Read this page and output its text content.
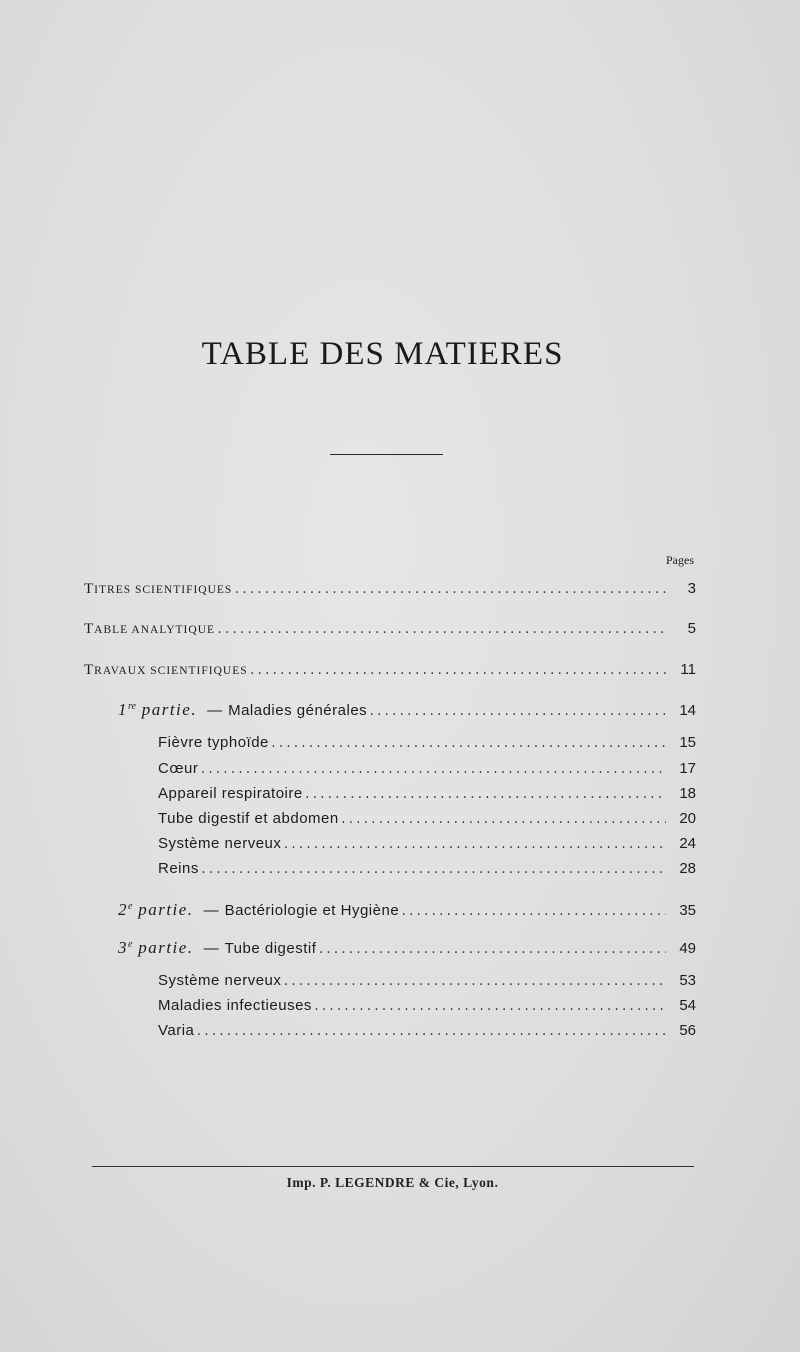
TABLE DES MATIERES
Pages
TITRES SCIENTIFIQUES .....	3
TABLE ANALYTIQUE .....	5
TRAVAUX SCIENTIFIQUES .....	11
1re partie. — Maladies générales .....	14
Fièvre typhoïde .....	15
Cœur .....	17
Appareil respiratoire .....	18
Tube digestif et abdomen .....	20
Système nerveux .....	24
Reins .....	28
2e partie. — Bactériologie et Hygiène .....	35
3e partie. — Tube digestif .....	49
Système nerveux .....	53
Maladies infectieuses .....	54
Varia .....	56
Imp. P. LEGENDRE & Cie, Lyon.
